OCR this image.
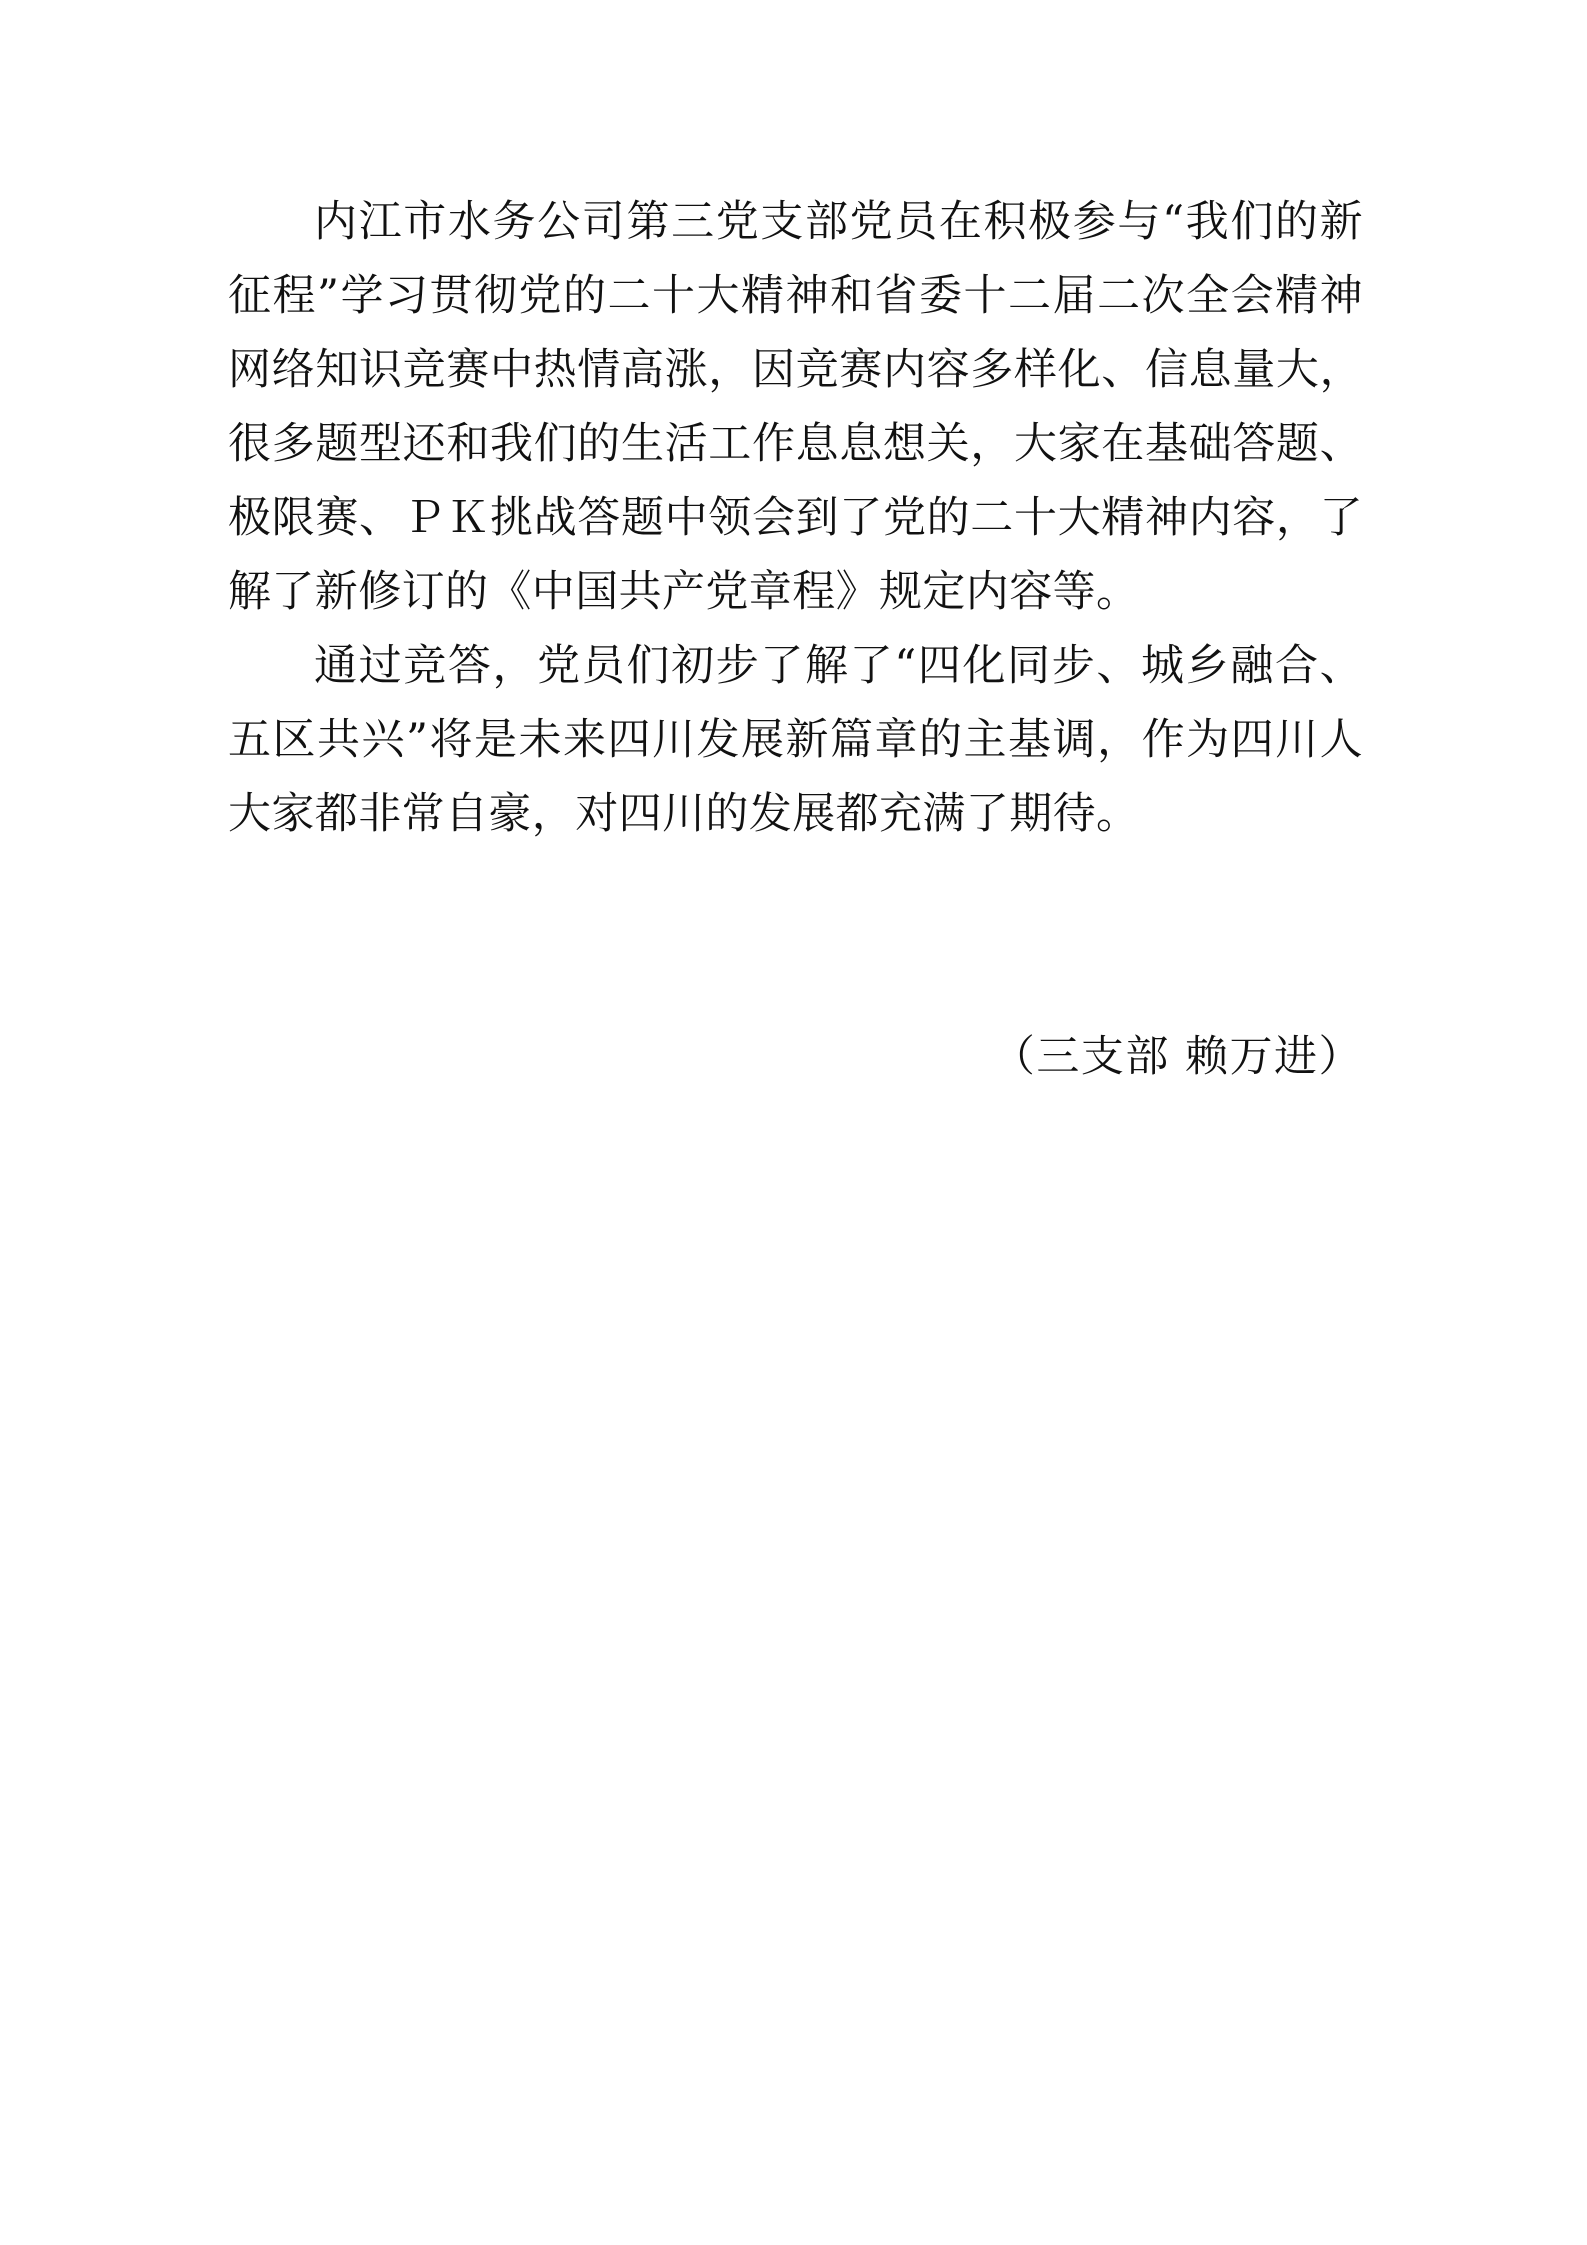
内江市水务公司第三党支部党员在积极参与“我们的新征程”学习贯彻党的二十大精神和省委十二届二次全会精神网络知识竞赛中热情高涨，因竞赛内容多样化、信息量大，很多题型还和我们的生活工作息息想关，大家在基础答题、极限赛、ＰＫ挑战答题中领会到了党的二十大精神内容，了解了新修订的《中国共产党章程》规定内容等。

通过竞答，党员们初步了解了“四化同步、城乡融合、五区共兴”将是未来四川发展新篇章的主基调，作为四川人大家都非常自豪，对四川的发展都充满了期待。

（三支部 赖万进）
